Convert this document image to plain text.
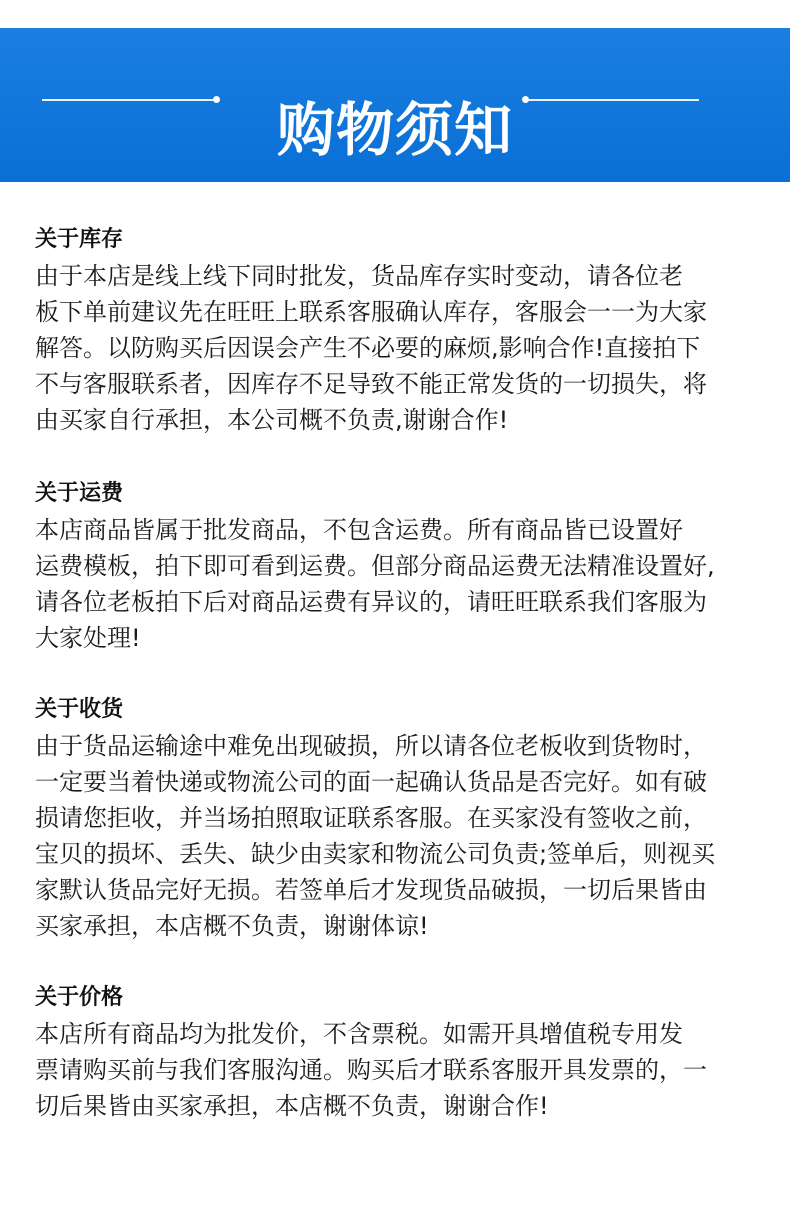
购物须知

关于库存

由于本店是线上线下同时批发，货品库存实时变动，请各位老
板下单前建议先在旺旺上联系客服确认库存，客服会一一为大家
解答。以防购买后因误会产生不必要的麻烦,影响合作!直接拍下
不与客服联系者，因库存不足导致不能正常发货的一切损失，将
由买家自行承担，本公司概不负责,谢谢合作!

关于运费

本店商品皆属于批发商品，不包含运费。所有商品皆已设置好
运费模板，拍下即可看到运费。但部分商品运费无法精准设置好,
请各位老板拍下后对商品运费有异议的，请旺旺联系我们客服为
大家处理!

关于收货

由于货品运输途中难免出现破损，所以请各位老板收到货物时，
一定要当着快递或物流公司的面一起确认货品是否完好。如有破
损请您拒收，并当场拍照取证联系客服。在买家没有签收之前，
宝贝的损坏、丢失、缺少由卖家和物流公司负责;签单后，则视买
家默认货品完好无损。若签单后才发现货品破损，一切后果皆由
买家承担，本店概不负责，谢谢体谅!

关于价格

本店所有商品均为批发价，不含票税。如需开具增值税专用发
票请购买前与我们客服沟通。购买后才联系客服开具发票的，一
切后果皆由买家承担，本店概不负责，谢谢合作!
